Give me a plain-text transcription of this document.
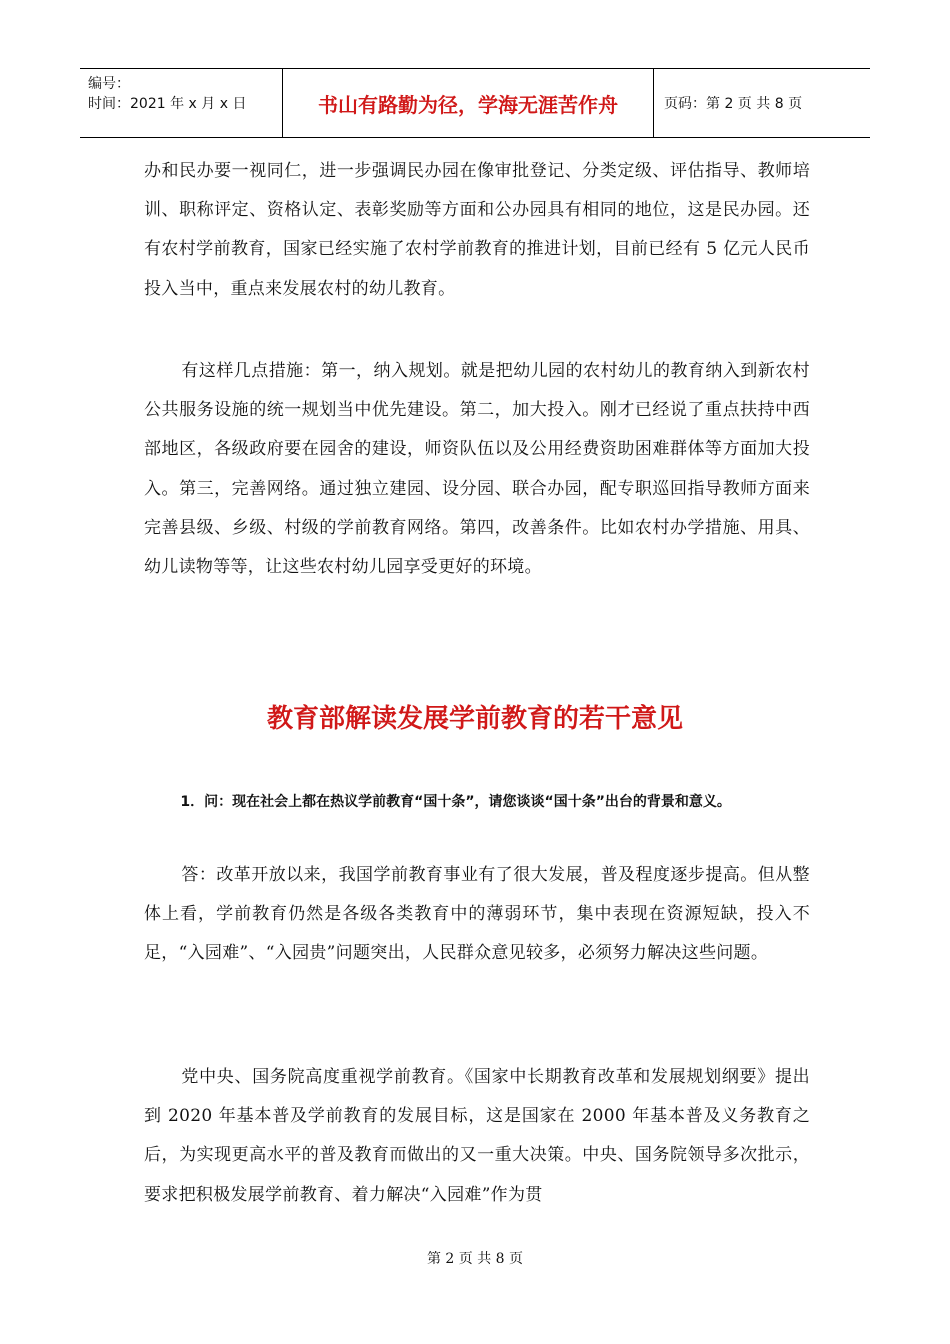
编号：
时间：2021 年 x 月 x 日	书山有路勤为径，学海无涯苦作舟	页码：第 2 页 共 8 页

办和民办要一视同仁，进一步强调民办园在像审批登记、分类定级、评估指导、教师培训、职称评定、资格认定、表彰奖励等方面和公办园具有相同的地位，这是民办园。还有农村学前教育，国家已经实施了农村学前教育的推进计划，目前已经有 5 亿元人民币投入当中，重点来发展农村的幼儿教育。

有这样几点措施：第一，纳入规划。就是把幼儿园的农村幼儿的教育纳入到新农村公共服务设施的统一规划当中优先建设。第二，加大投入。刚才已经说了重点扶持中西部地区，各级政府要在园舍的建设，师资队伍以及公用经费资助困难群体等方面加大投入。第三，完善网络。通过独立建园、设分园、联合办园，配专职巡回指导教师方面来完善县级、乡级、村级的学前教育网络。第四，改善条件。比如农村办学措施、用具、幼儿读物等等，让这些农村幼儿园享受更好的环境。

教育部解读发展学前教育的若干意见

1．问：现在社会上都在热议学前教育“国十条”，请您谈谈“国十条”出台的背景和意义。

答：改革开放以来，我国学前教育事业有了很大发展，普及程度逐步提高。但从整体上看，学前教育仍然是各级各类教育中的薄弱环节，集中表现在资源短缺，投入不足，“入园难”、“入园贵”问题突出，人民群众意见较多，必须努力解决这些问题。

党中央、国务院高度重视学前教育。《国家中长期教育改革和发展规划纲要》提出到 2020 年基本普及学前教育的发展目标，这是国家在 2000 年基本普及义务教育之后，为实现更高水平的普及教育而做出的又一重大决策。中央、国务院领导多次批示，要求把积极发展学前教育、着力解决“入园难”作为贯

第 2 页 共 8 页
